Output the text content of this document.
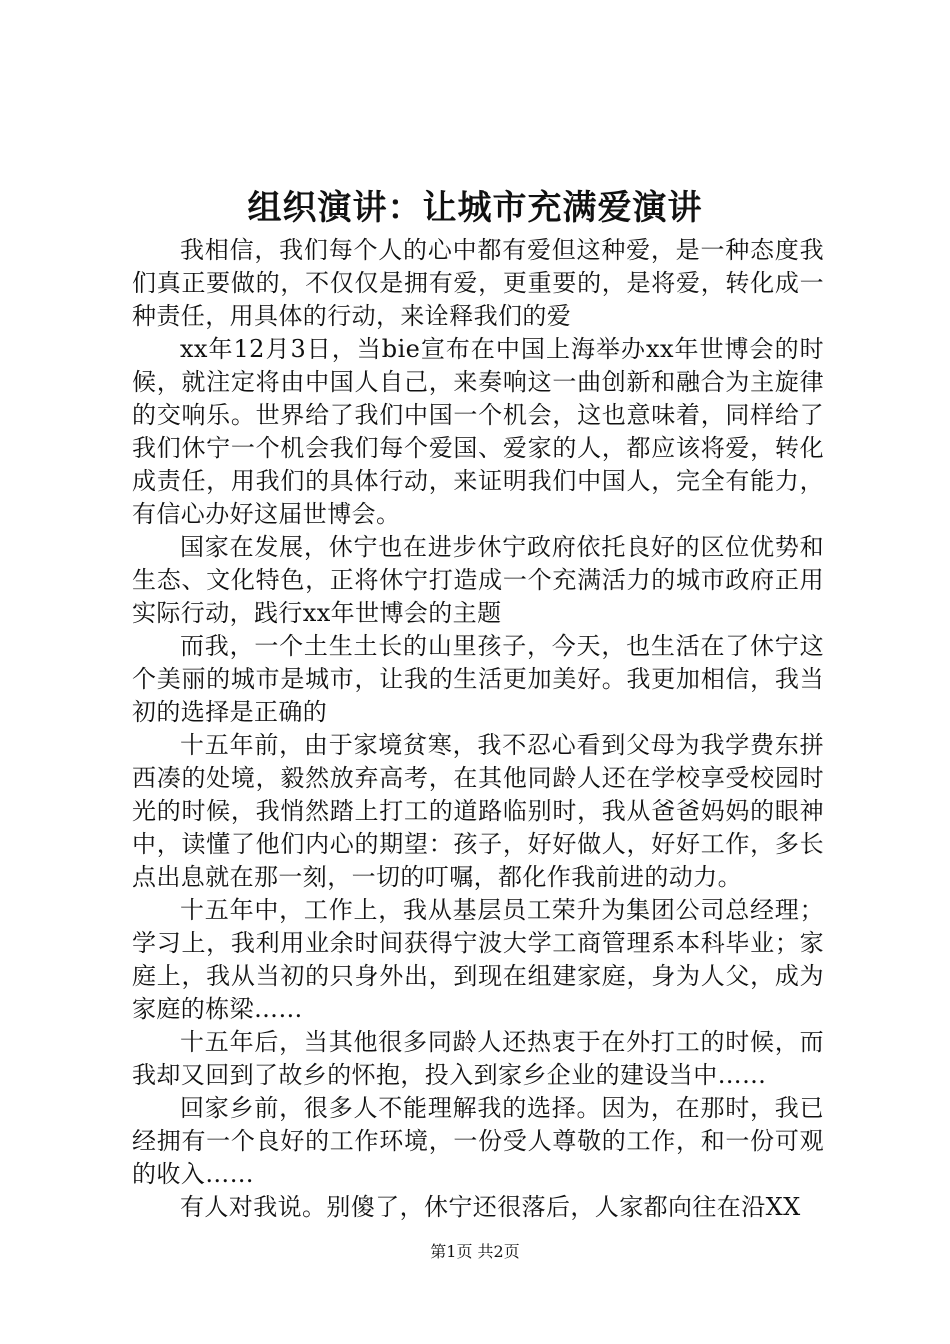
组织演讲：让城市充满爱演讲

我相信，我们每个人的心中都有爱但这种爱，是一种态度我们真正要做的，不仅仅是拥有爱，更重要的，是将爱，转化成一种责任，用具体的行动，来诠释我们的爱

xx年12月3日，当bie宣布在中国上海举办xx年世博会的时候，就注定将由中国人自己，来奏响这一曲创新和融合为主旋律的交响乐。世界给了我们中国一个机会，这也意味着，同样给了我们休宁一个机会我们每个爱国、爱家的人，都应该将爱，转化成责任，用我们的具体行动，来证明我们中国人，完全有能力，有信心办好这届世博会。

国家在发展，休宁也在进步休宁政府依托良好的区位优势和生态、文化特色，正将休宁打造成一个充满活力的城市政府正用实际行动，践行xx年世博会的主题

而我，一个土生土长的山里孩子，今天，也生活在了休宁这个美丽的城市是城市，让我的生活更加美好。我更加相信，我当初的选择是正确的

十五年前，由于家境贫寒，我不忍心看到父母为我学费东拼西凑的处境，毅然放弃高考，在其他同龄人还在学校享受校园时光的时候，我悄然踏上打工的道路临别时，我从爸爸妈妈的眼神中，读懂了他们内心的期望：孩子，好好做人，好好工作，多长点出息就在那一刻，一切的叮嘱，都化作我前进的动力。

十五年中，工作上，我从基层员工荣升为集团公司总经理；学习上，我利用业余时间获得宁波大学工商管理系本科毕业；家庭上，我从当初的只身外出，到现在组建家庭，身为人父，成为家庭的栋梁……

十五年后，当其他很多同龄人还热衷于在外打工的时候，而我却又回到了故乡的怀抱，投入到家乡企业的建设当中……

回家乡前，很多人不能理解我的选择。因为，在那时，我已经拥有一个良好的工作环境，一份受人尊敬的工作，和一份可观的收入……

有人对我说。别傻了，休宁还很落后，人家都向往在沿XX

第1页 共2页
